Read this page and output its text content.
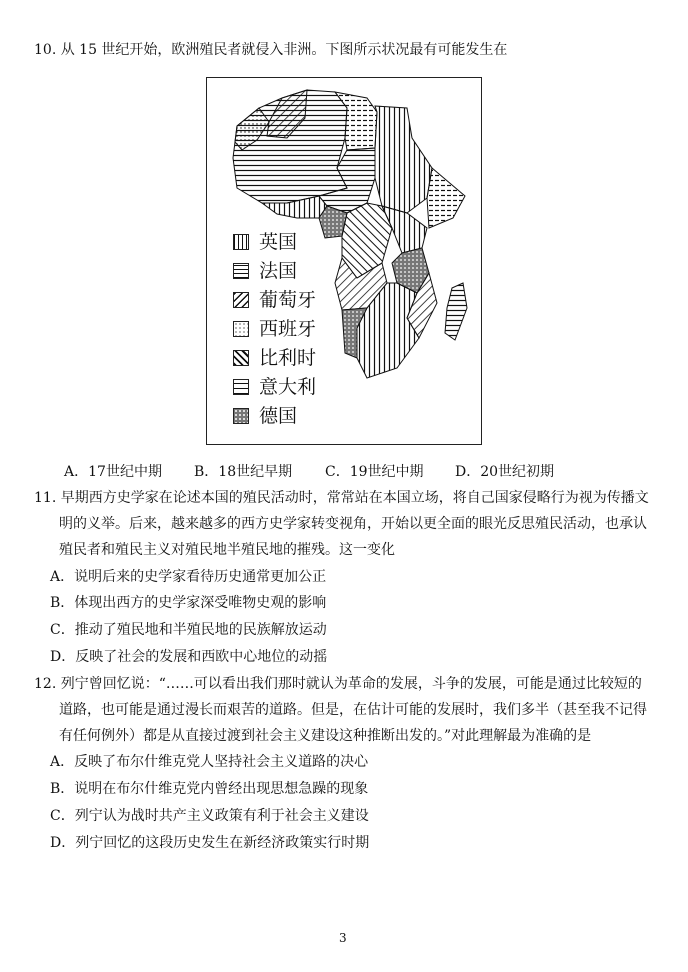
10. 从 15 世纪开始，欧洲殖民者就侵入非洲。下图所示状况最有可能发生在
英国
法国
葡萄牙
西班牙
比利时
意大利
德国
A．17世纪中期 B．18世纪早期 C．19世纪中期 D．20世纪初期
11. 早期西方史学家在论述本国的殖民活动时，常常站在本国立场，将自己国家侵略行为视为传播文
明的义举。后来，越来越多的西方史学家转变视角，开始以更全面的眼光反思殖民活动，也承认
殖民者和殖民主义对殖民地半殖民地的摧残。这一变化
A．说明后来的史学家看待历史通常更加公正
B．体现出西方的史学家深受唯物史观的影响
C．推动了殖民地和半殖民地的民族解放运动
D．反映了社会的发展和西欧中心地位的动摇
12. 列宁曾回忆说：“……可以看出我们那时就认为革命的发展，斗争的发展，可能是通过比较短的
道路，也可能是通过漫长而艰苦的道路。但是，在估计可能的发展时，我们多半（甚至我不记得
有任何例外）都是从直接过渡到社会主义建设这种推断出发的。”对此理解最为准确的是
A．反映了布尔什维克党人坚持社会主义道路的决心
B．说明在布尔什维克党内曾经出现思想急躁的现象
C．列宁认为战时共产主义政策有利于社会主义建设
D．列宁回忆的这段历史发生在新经济政策实行时期
3
